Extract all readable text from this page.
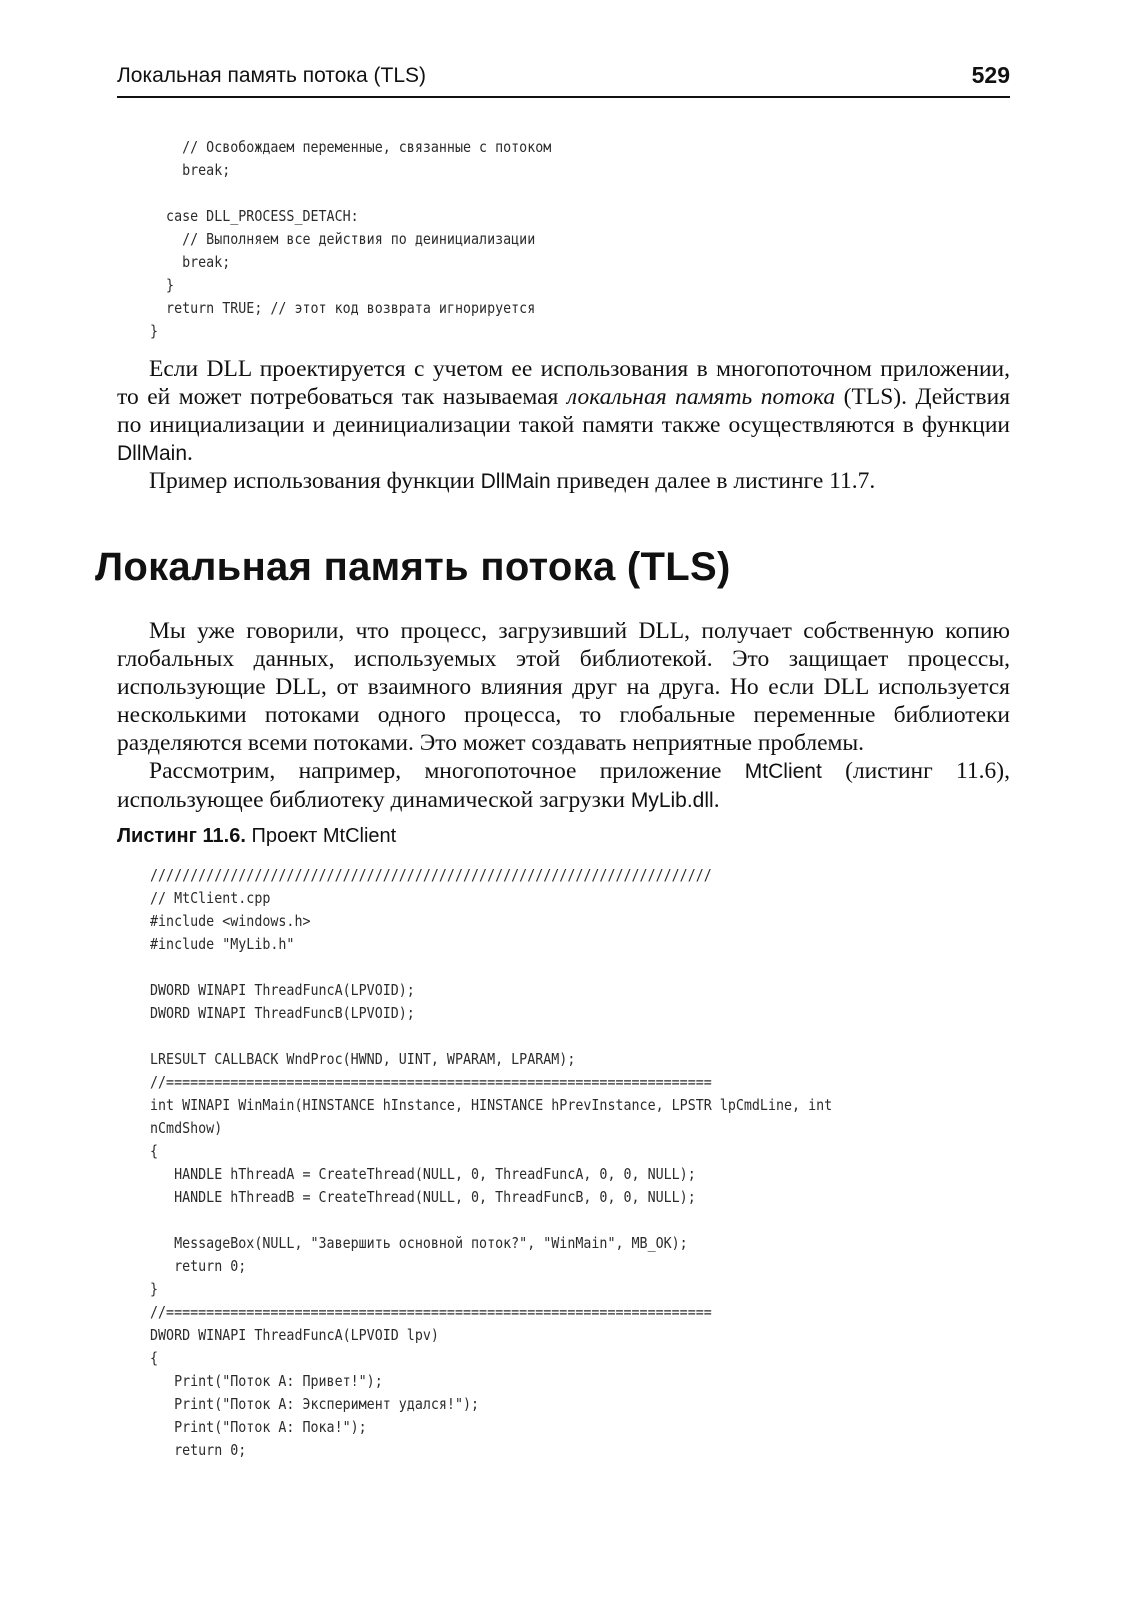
Локальная память потока (TLS)	529
// Освобождаем переменные, связанные с потоком
break;
case DLL_PROCESS_DETACH:
// Выполняем все действия по деинициализации
break;
}
return TRUE; // этот код возврата игнорируется
}

Если DLL проектируется с учетом ее использования в многопоточном приложении, то ей может потребоваться так называемая локальная память потока (TLS). Действия по инициализации и деинициализации такой памяти также осуществляются в функции DllMain.

Пример использования функции DllMain приведен далее в листинге 11.7.

Локальная память потока (TLS)

Мы уже говорили, что процесс, загрузивший DLL, получает собственную копию глобальных данных, используемых этой библиотекой. Это защищает процессы, использующие DLL, от взаимного влияния друг на друга. Но если DLL используется несколькими потоками одного процесса, то глобальные переменные библиотеки разделяются всеми потоками. Это может создавать неприятные проблемы.

Рассмотрим, например, многопоточное приложение MtClient (листинг 11.6), использующее библиотеку динамической загрузки MyLib.dll.

Листинг 11.6. Проект MtClient

//////////////////////////////////////////////////////////////////////
// MtClient.cpp
#include <windows.h>
#include "MyLib.h"
DWORD WINAPI ThreadFuncA(LPVOID);
DWORD WINAPI ThreadFuncB(LPVOID);
LRESULT CALLBACK WndProc(HWND, UINT, WPARAM, LPARAM);
//====================================================================
int WINAPI WinMain(HINSTANCE hInstance, HINSTANCE hPrevInstance, LPSTR lpCmdLine, int
nCmdShow)
{
HANDLE hThreadA = CreateThread(NULL, 0, ThreadFuncA, 0, 0, NULL);
HANDLE hThreadB = CreateThread(NULL, 0, ThreadFuncB, 0, 0, NULL);
MessageBox(NULL, "Завершить основной поток?", "WinMain", MB_OK);
return 0;
}
//====================================================================
DWORD WINAPI ThreadFuncA(LPVOID lpv)
{
Print("Поток A: Привет!");
Print("Поток A: Эксперимент удался!");
Print("Поток A: Пока!");
return 0;
